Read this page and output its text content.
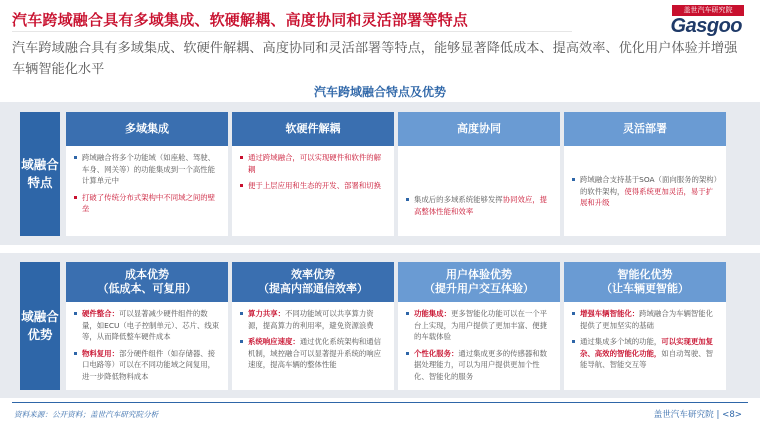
汽车跨域融合具有多域集成、软硬解耦、高度协同和灵活部署等特点
盖世汽车研究院
Gasgoo
汽车跨域融合具有多域集成、软硬件解耦、高度协同和灵活部署等特点，能够显著降低成本、提高效率、优化用户体验并增强车辆智能化水平
汽车跨域融合特点及优势
域融合特点
多域集成
跨域融合将多个功能域（如座舱、驾驶、车身、网关等）的功能集成到一个高性能计算单元中
打破了传统分布式架构中不同域之间的壁垒
软硬件解耦
通过跨域融合，可以实现硬件和软件的解耦
便于上层应用和生态的开发、部署和切换
高度协同
集成后的多域系统能够发挥协同效应，提高整体性能和效率
灵活部署
跨域融合支持基于SOA（面向服务的架构）的软件架构，使得系统更加灵活，易于扩展和升级
域融合优势
成本优势
（低成本、可复用）
硬件整合：可以显著减少硬件组件的数量，如ECU（电子控制单元）、芯片、线束等，从而降低整车硬件成本
物料复用：部分硬件组件（如存储器、接口电路等）可以在不同功能域之间复用，进一步降低物料成本
效率优势
（提高内部通信效率）
算力共享：不同功能域可以共享算力资源，提高算力的利用率，避免资源浪费
系统响应速度：通过优化系统架构和通信机制，域控融合可以显著提升系统的响应速度，提高车辆的整体性能
用户体验优势
（提升用户交互体验）
功能集成：更多智能化功能可以在一个平台上实现，为用户提供了更加丰富、便捷的车载体验
个性化服务：通过集成更多的传感器和数据处理能力，可以为用户提供更加个性化、智能化的服务
智能化优势
（让车辆更智能）
增强车辆智能化：跨域融合为车辆智能化提供了更加坚实的基础
通过集成多个域的功能，可以实现更加复杂、高效的智能化功能，如自动驾驶、智能导航、智能交互等
资料来源：公开资料；盖世汽车研究院分析	盖世汽车研究院 | <8>
